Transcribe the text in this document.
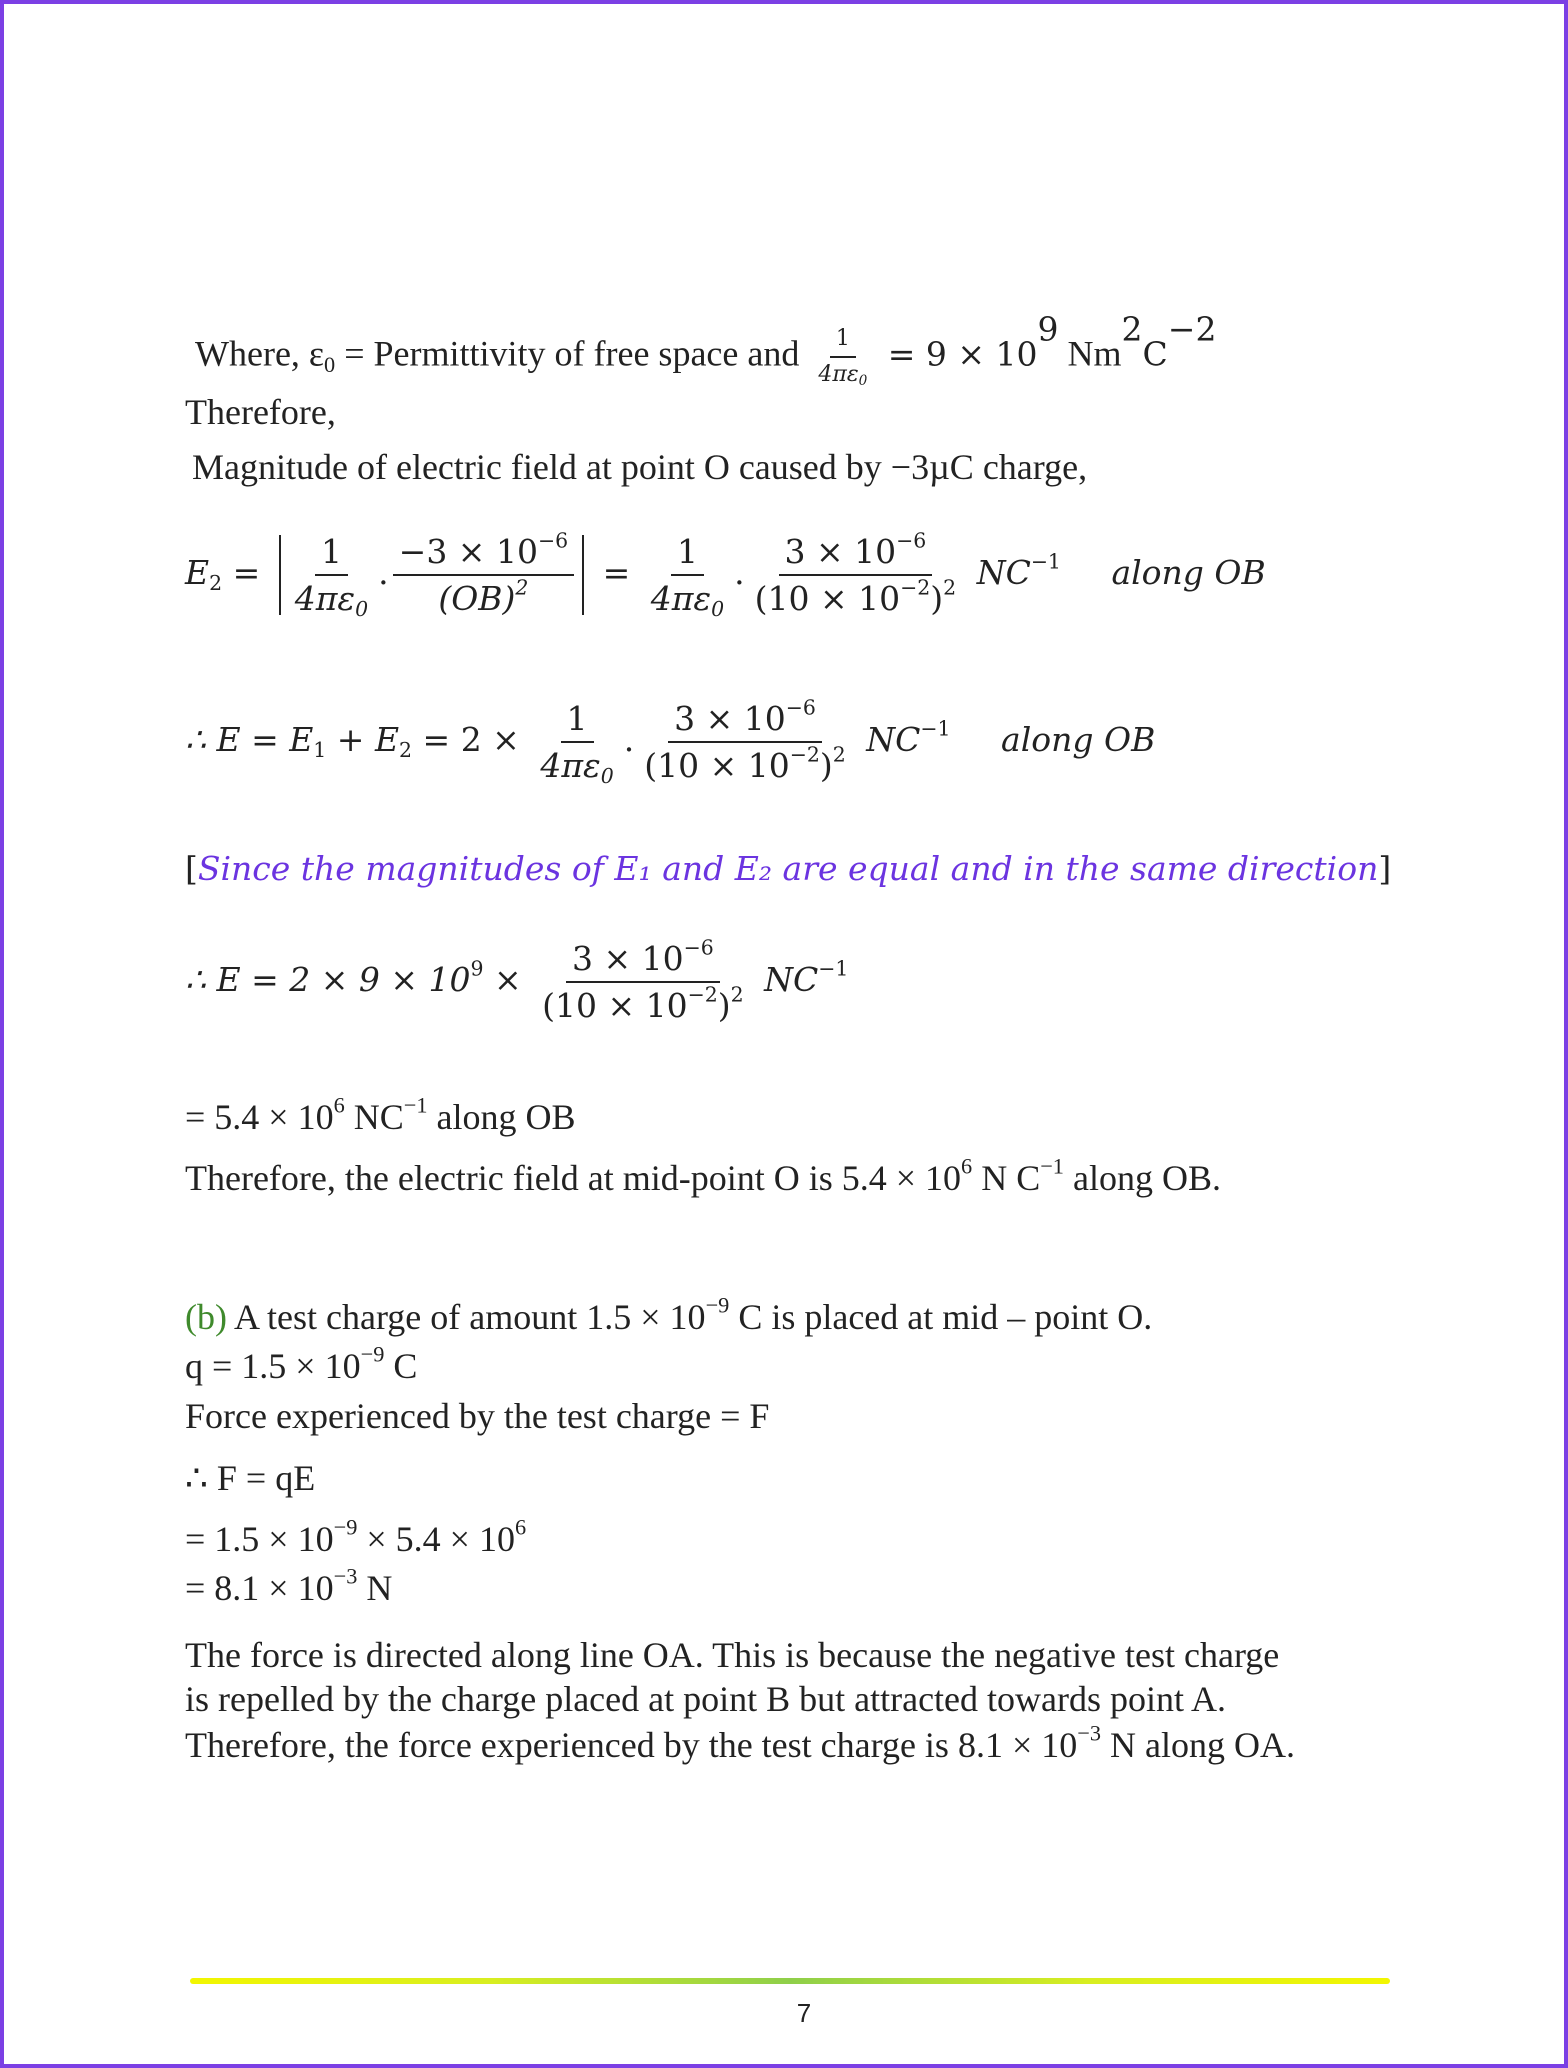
Where, $\varepsilon_0$ = Permittivity of free space and $\frac{1}{4\pi\varepsilon_0} = 9 \times 10^9$ $Nm^2C^{-2}$
Therefore,
Magnitude of electric field at point O caused by −3µC charge,
$E_2 = \frac{1}{4\pi\varepsilon_0}$ . $\frac{-3 \times 10^{-6}}{(OB)^2} = \frac{1}{4\pi\varepsilon_0}$ . $\frac{3 \times 10^{-6}}{(10 \times 10^{-2})^2} NC^{-1}$ along OB
∴ $E = E_1 + E_2 = 2 \times \frac{1}{4\pi\varepsilon_0}$ . $\frac{3 \times 10^{-6}}{(10 \times 10^{-2})^2} NC^{-1}$ along OB
[Since the magnitudes of E₁ and E₂ are equal and in the same direction]
∴ $E = 2 \times 9 \times 10^9 \times \frac{3 \times 10^{-6}}{(10 \times 10^{-2})^2} NC^{-1}$
= $5.4 \times 10^6$ $NC^{-1}$ along OB
Therefore, the electric field at mid-point O is $5.4 \times 10^6$ N $C^{-1}$ along OB.
(b) A test charge of amount $1.5 \times 10^{-9}$ C is placed at mid – point O.
$q = 1.5 \times 10^{-9}$ C
Force experienced by the test charge = F
∴ F = qE
= $1.5 \times 10^{-9} \times 5.4 \times 10^6$
= $8.1 \times 10^{-3}$ N
The force is directed along line OA. This is because the negative test charge
is repelled by the charge placed at point B but attracted towards point A.
Therefore, the force experienced by the test charge is $8.1 \times 10^{-3}$ N along OA.
7
